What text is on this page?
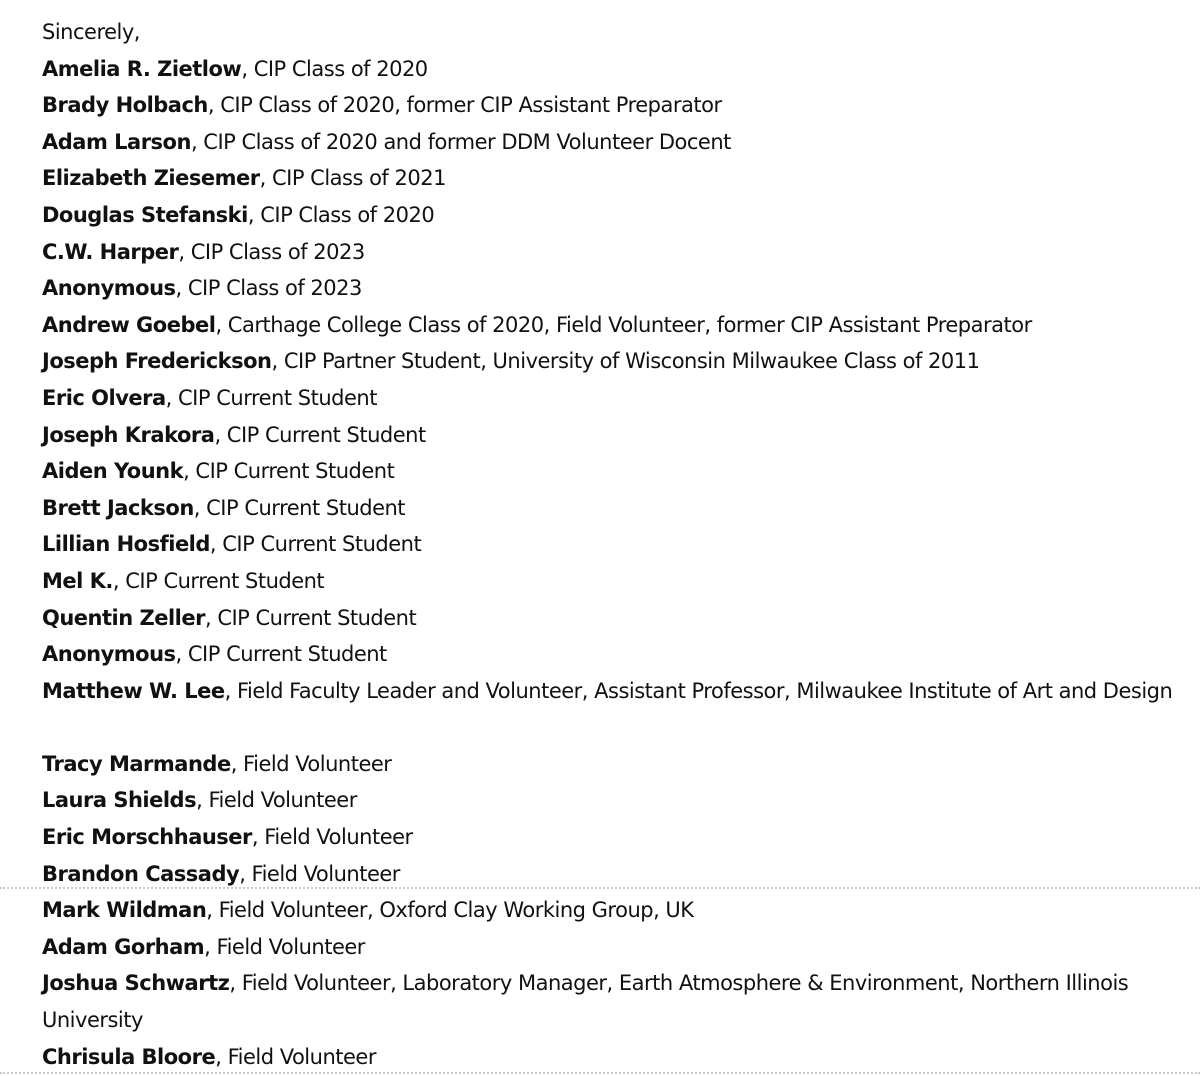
Sincerely,
Amelia R. Zietlow, CIP Class of 2020
Brady Holbach, CIP Class of 2020, former CIP Assistant Preparator
Adam Larson, CIP Class of 2020 and former DDM Volunteer Docent
Elizabeth Ziesemer, CIP Class of 2021
Douglas Stefanski, CIP Class of 2020
C.W. Harper, CIP Class of 2023
Anonymous, CIP Class of 2023
Andrew Goebel, Carthage College Class of 2020, Field Volunteer, former CIP Assistant Preparator
Joseph Frederickson, CIP Partner Student, University of Wisconsin Milwaukee Class of 2011
Eric Olvera, CIP Current Student
Joseph Krakora, CIP Current Student
Aiden Younk, CIP Current Student
Brett Jackson, CIP Current Student
Lillian Hosfield, CIP Current Student
Mel K., CIP Current Student
Quentin Zeller, CIP Current Student
Anonymous, CIP Current Student
Matthew W. Lee, Field Faculty Leader and Volunteer, Assistant Professor, Milwaukee Institute of Art and Design
Tracy Marmande, Field Volunteer
Laura Shields, Field Volunteer
Eric Morschhauser, Field Volunteer
Brandon Cassady, Field Volunteer
Mark Wildman, Field Volunteer, Oxford Clay Working Group, UK
Adam Gorham, Field Volunteer
Joshua Schwartz, Field Volunteer, Laboratory Manager, Earth Atmosphere & Environment, Northern Illinois University
Chrisula Bloore, Field Volunteer
